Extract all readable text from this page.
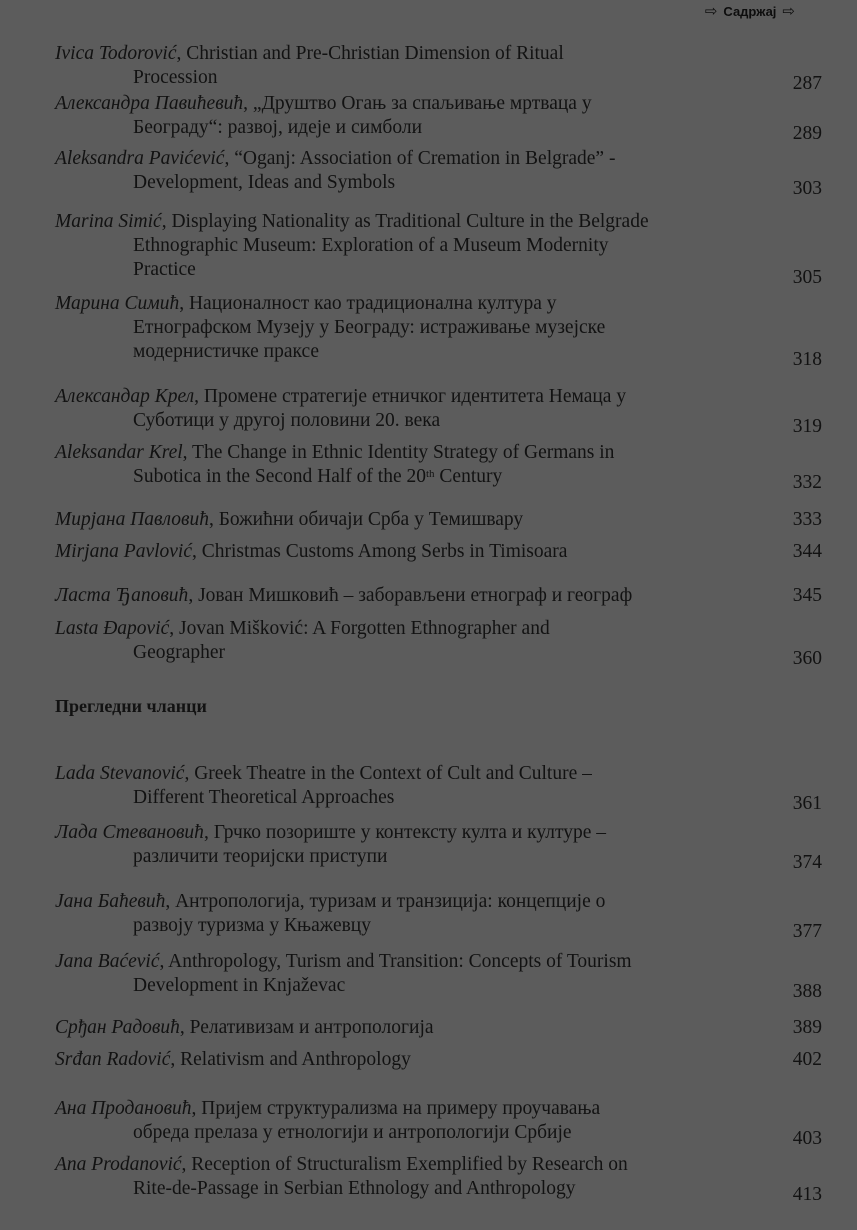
⇨ Садржај ⇨
Ivica Todorović, Christian and Pre-Christian Dimension of Ritual
Procession	287
Александра Павићевић, „Друштво Огањ за спаљивање мртваца у
Београду“: развој, идеје и симболи	289
Aleksandra Pavićević, “Oganj: Association of Cremation in Belgrade” -
Development, Ideas and Symbols	303
Marina Simić, Displaying Nationality as Traditional Culture in the Belgrade
Ethnographic Museum: Exploration of a Museum Modernity
Practice	305
Марина Симић, Националност као традиционална култура у
Етнографском Музеју у Београду: истраживање музејске
модернистичке праксе	318
Александар Крел, Промене стратегије етничког идентитета Немаца у
Суботици у другој половини 20. века	319
Aleksandar Krel, The Change in Ethnic Identity Strategy of Germans in
Subotica in the Second Half of the 20th Century	332
Мирјана Павловић, Божићни обичаји Срба у Темишвару	333
Mirjana Pavlović, Christmas Customs Among Serbs in Timisoara	344
Ласта Ђаповић, Јован Мишковић – заборављени етнограф и географ	345
Lasta Đapović, Jovan Mišković: A Forgotten Ethnographer and
Geographer	360
Lada Stevanović, Greek Theatre in the Context of Cult and Culture –
Different Theoretical Approaches	361
Лада Стевановић, Грчко позориште у контексту култа и културе –
различити теоријски приступи	374
Јана Баћевић, Антропологија, туризам и транзиција: концепције о
развоју туризма у Књажевцу	377
Jana Baćević, Anthropology, Turism and Transition: Concepts of Tourism
Development in Knjaževac	388
Срђан Радовић, Релативизам и антропологија	389
Srđan Radović, Relativism and Anthropology	402
Ана Продановић, Пријем структурализма на примеру проучавања
обреда прелаза у етнологији и антропологији Србије	403
Ana Prodanović, Reception of Structuralism Exemplified by Research on
Rite-de-Passage in Serbian Ethnology and Anthropology	413
Прегледни чланци
